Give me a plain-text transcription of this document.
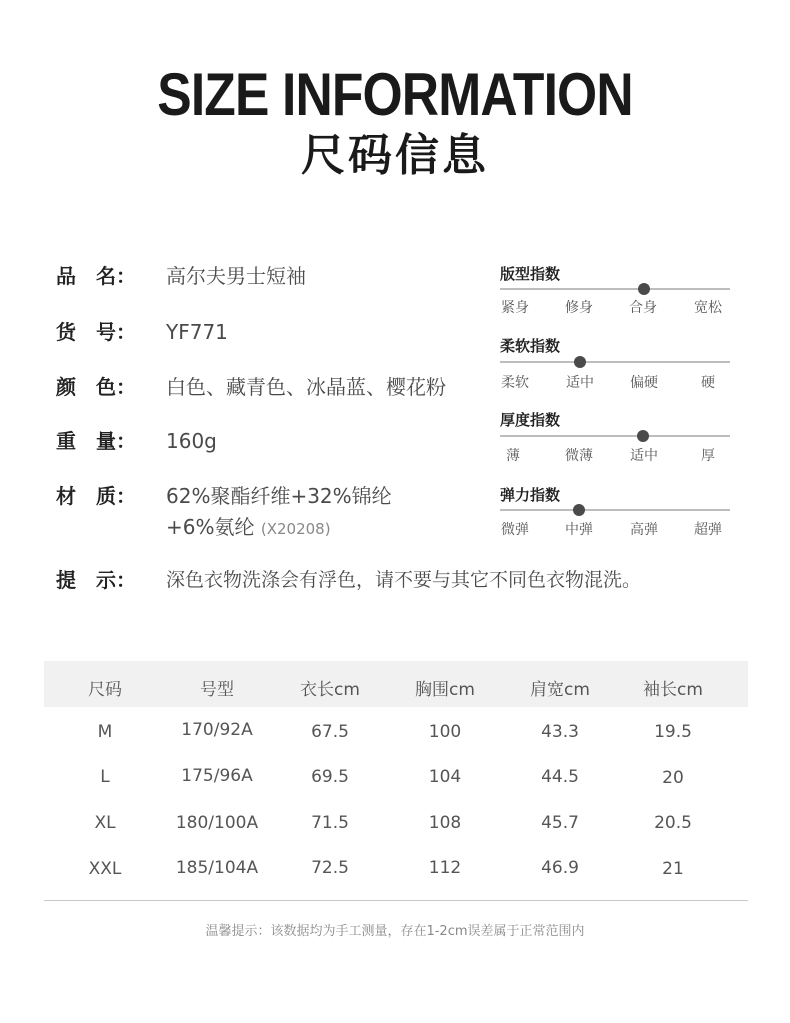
SIZE INFORMATION
尺码信息
品　名： 高尔夫男士短袖
货　号： YF771
颜　色： 白色、藏青色、冰晶蓝、樱花粉
重　量： 160g
材　质： 62%聚酯纤维+32%锦纶
+6%氨纶 (X20208)
提　示： 深色衣物洗涤会有浮色，请不要与其它不同色衣物混洗。
版型指数
紧身	修身	合身	宽松
柔软指数
柔软	适中	偏硬	硬
厚度指数
薄	微薄	适中	厚
弹力指数
微弹	中弹	高弹	超弹
尺码	号型	衣长cm	胸围cm	肩宽cm	袖长cm
M	170/92A	67.5	100	43.3	19.5
L	175/96A	69.5	104	44.5	20
XL	180/100A	71.5	108	45.7	20.5
XXL	185/104A	72.5	112	46.9	21
温馨提示：该数据均为手工测量，存在1-2cm误差属于正常范围内
